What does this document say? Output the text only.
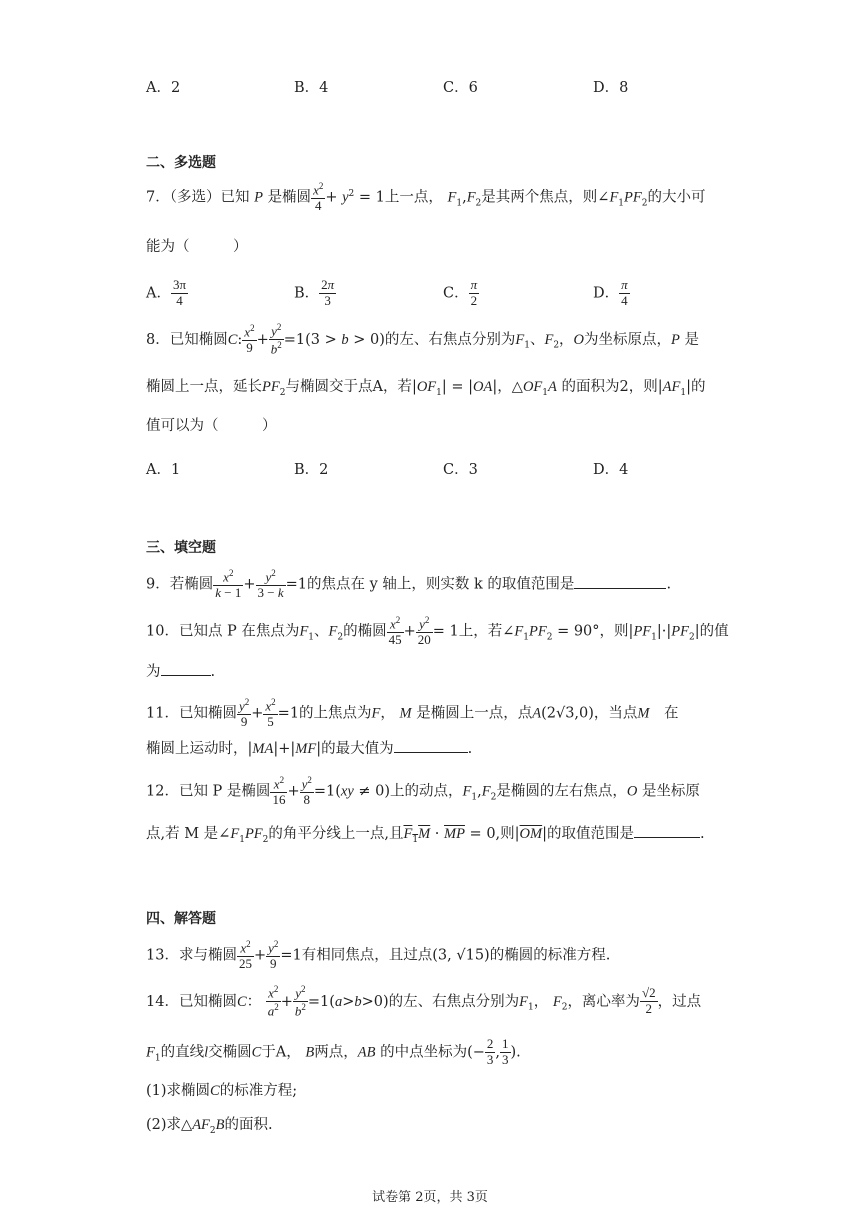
A．2	B．4	C．6	D．8
二、多选题
7．（多选）已知 P 是椭圆 $\frac{x^2}{4} + y^2 = 1$上一点， $F_1,F_2$是其两个焦点，则$\angle F_1PF_2$的大小可
能为（　　　）
A． $\frac{3\pi}{4}$	B． $\frac{2\pi}{3}$	C． $\frac{\pi}{2}$	D． $\frac{\pi}{4}$
8．已知椭圆C: $\frac{x^2}{9} + \frac{y^2}{b^2} =1(3 > b > 0)$的左、右焦点分别为$F_1$、$F_2$，O为坐标原点，P 是
椭圆上一点，延长$PF_2$与椭圆交于点A，若$|OF_1| = |OA|$，$\triangle OF_1A$ 的面积为2，则$|AF_1|$的
值可以为（　　　）
A．1	B．2	C．3	D．4
三、填空题
9．若椭圆 $\frac{x^2}{k - 1} + \frac{y^2}{3 - k} =1$的焦点在 y 轴上，则实数 k 的取值范围是	.
10．已知点 P 在焦点为$F_1$、$F_2$的椭圆 $\frac{x^2}{45} + \frac{y^2}{20} = 1$上，若$\angle F_1PF_2 = 90^\circ$，则$|PF_1|\cdot|PF_2|$的值
为	.
11．已知椭圆 $\frac{y^2}{9} + \frac{x^2}{5} =1$的上焦点为F， M 是椭圆上一点，点A(2√3,0)，当点M　 在
椭圆上运动时，|MA|+|MF|的最大值为	.
12．已知 P 是椭圆 $\frac{x^2}{16} + \frac{y^2}{8} =1(xy \ne 0)$上的动点，$F_1,F_2$是椭圆的左右焦点，O 是坐标原
点,若 M 是$\angle F_1PF_2$的角平分线上一点,且$F_1M \cdot \overline{MP} = 0$,则$|\overline{OM}|$的取值范围是	.
四、解答题
13．求与椭圆 $\frac{x^2}{25} + \frac{y^2}{9} =1$有相同焦点，且过点(3, √15)的椭圆的标准方程.
14．已知椭圆C： $\frac{x^2}{a^2} + \frac{y^2}{b^2} =1(a>b>0)$的左、右焦点分别为$F_1$， $F_2$，离心率为 $\frac{√2}{2}$ ，过点
$F_1$的直线l交椭圆C于A， B两点，AB 的中点坐标为(− $\frac{2}{3}$ , $\frac{1}{3}$ ).
(1)求椭圆C的标准方程;
(2)求$\triangle AF_2B$的面积.
试卷第 2页，共 3页
